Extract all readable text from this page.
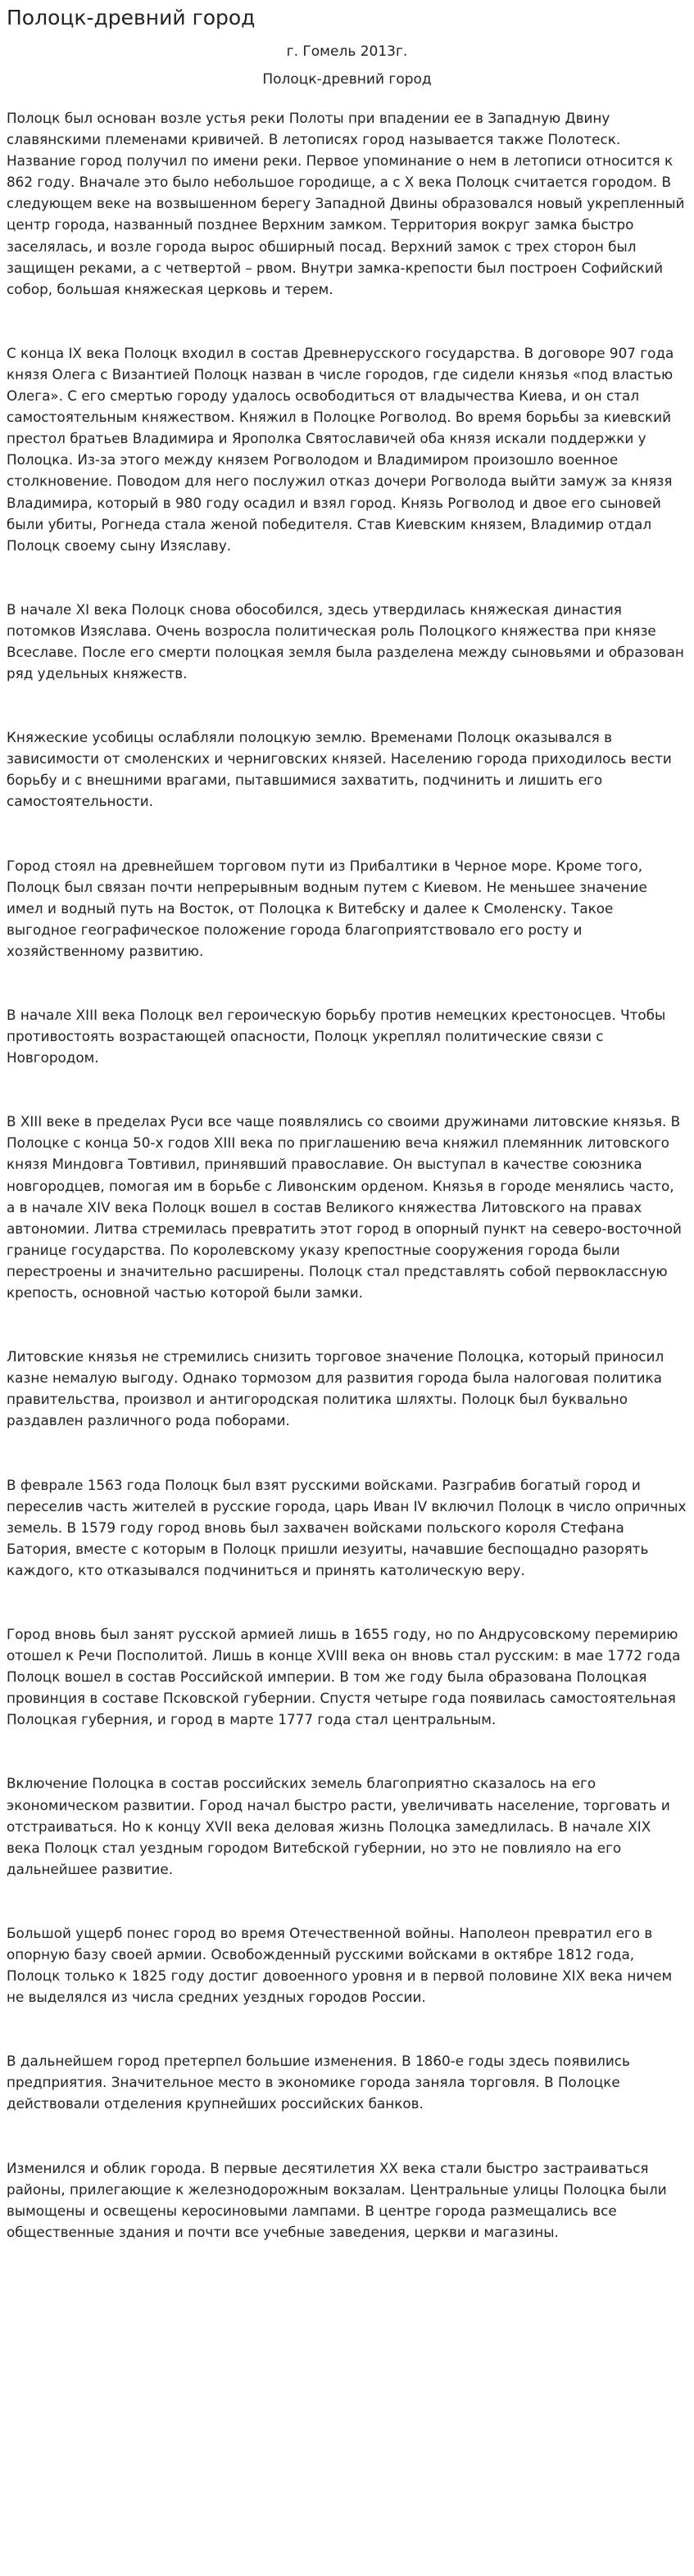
Полоцк-древний город

г. Гомель 2013г.

Полоцк-древний город

Полоцк был основан возле устья реки Полоты при впадении ее в Западную Двину славянскими племенами кривичей. В летописях город называется также Полотеск. Название город получил по имени реки. Первое упоминание о нем в летописи относится к 862 году. Вначале это было небольшое городище, а с X века Полоцк считается городом. В следующем веке на возвышенном берегу Западной Двины образовался новый укрепленный центр города, названный позднее Верхним замком. Территория вокруг замка быстро заселялась, и возле города вырос обширный посад. Верхний замок с трех сторон был защищен реками, а с четвертой – рвом. Внутри замка-крепости был построен Софийский собор, большая княжеская церковь и терем.

С конца IX века Полоцк входил в состав Древнерусского государства. В договоре 907 года князя Олега с Византией Полоцк назван в числе городов, где сидели князья «под властью Олега». С его смертью городу удалось освободиться от владычества Киева, и он стал самостоятельным княжеством. Княжил в Полоцке Рогволод. Во время борьбы за киевский престол братьев Владимира и Ярополка Святославичей оба князя искали поддержки у Полоцка. Из-за этого между князем Рогволодом и Владимиром произошло военное столкновение. Поводом для него послужил отказ дочери Рогволода выйти замуж за князя Владимира, который в 980 году осадил и взял город. Князь Рогволод и двое его сыновей были убиты, Рогнеда стала женой победителя. Став Киевским князем, Владимир отдал Полоцк своему сыну Изяславу.

В начале XI века Полоцк снова обособился, здесь утвердилась княжеская династия потомков Изяслава. Очень возросла политическая роль Полоцкого княжества при князе Всеславе. После его смерти полоцкая земля была разделена между сыновьями и образован ряд удельных княжеств.

Княжеские усобицы ослабляли полоцкую землю. Временами Полоцк оказывался в зависимости от смоленских и черниговских князей. Населению города приходилось вести борьбу и с внешними врагами, пытавшимися захватить, подчинить и лишить его самостоятельности.

Город стоял на древнейшем торговом пути из Прибалтики в Черное море. Кроме того, Полоцк был связан почти непрерывным водным путем с Киевом. Не меньшее значение имел и водный путь на Восток, от Полоцка к Витебску и далее к Смоленску. Такое выгодное географическое положение города благоприятствовало его росту и хозяйственному развитию.

В начале XIII века Полоцк вел героическую борьбу против немецких крестоносцев. Чтобы противостоять возрастающей опасности, Полоцк укреплял политические связи с Новгородом.

В XIII веке в пределах Руси все чаще появлялись со своими дружинами литовские князья. В Полоцке с конца 50-х годов XIII века по приглашению веча княжил племянник литовского князя Миндовга Товтивил, принявший православие. Он выступал в качестве союзника новгородцев, помогая им в борьбе с Ливонским орденом. Князья в городе менялись часто, а в начале XIV века Полоцк вошел в состав Великого княжества Литовского на правах автономии. Литва стремилась превратить этот город в опорный пункт на северо-восточной границе государства. По королевскому указу крепостные сооружения города были перестроены и значительно расширены. Полоцк стал представлять собой первоклассную крепость, основной частью которой были замки.

Литовские князья не стремились снизить торговое значение Полоцка, который приносил казне немалую выгоду. Однако тормозом для развития города была налоговая политика правительства, произвол и антигородская политика шляхты. Полоцк был буквально раздавлен различного рода поборами.

В феврале 1563 года Полоцк был взят русскими войсками. Разграбив богатый город и переселив часть жителей в русские города, царь Иван IV включил Полоцк в число опричных земель. В 1579 году город вновь был захвачен войсками польского короля Стефана Батория, вместе с которым в Полоцк пришли иезуиты, начавшие беспощадно разорять каждого, кто отказывался подчиниться и принять католическую веру.

Город вновь был занят русской армией лишь в 1655 году, но по Андрусовскому перемирию отошел к Речи Посполитой. Лишь в конце XVIII века он вновь стал русским: в мае 1772 года Полоцк вошел в состав Российской империи. В том же году была образована Полоцкая провинция в составе Псковской губернии. Спустя четыре года появилась самостоятельная Полоцкая губерния, и город в марте 1777 года стал центральным.

Включение Полоцка в состав российских земель благоприятно сказалось на его экономическом развитии. Город начал быстро расти, увеличивать население, торговать и отстраиваться. Но к концу XVII века деловая жизнь Полоцка замедлилась. В начале XIX века Полоцк стал уездным городом Витебской губернии, но это не повлияло на его дальнейшее развитие.

Большой ущерб понес город во время Отечественной войны. Наполеон превратил его в опорную базу своей армии. Освобожденный русскими войсками в октябре 1812 года, Полоцк только к 1825 году достиг довоенного уровня и в первой половине XIX века ничем не выделялся из числа средних уездных городов России.

В дальнейшем город претерпел большие изменения. В 1860-е годы здесь появились предприятия. Значительное место в экономике города заняла торговля. В Полоцке действовали отделения крупнейших российских банков.

Изменился и облик города. В первые десятилетия XX века стали быстро застраиваться районы, прилегающие к железнодорожным вокзалам. Центральные улицы Полоцка были вымощены и освещены керосиновыми лампами. В центре города размещались все общественные здания и почти все учебные заведения, церкви и магазины.
